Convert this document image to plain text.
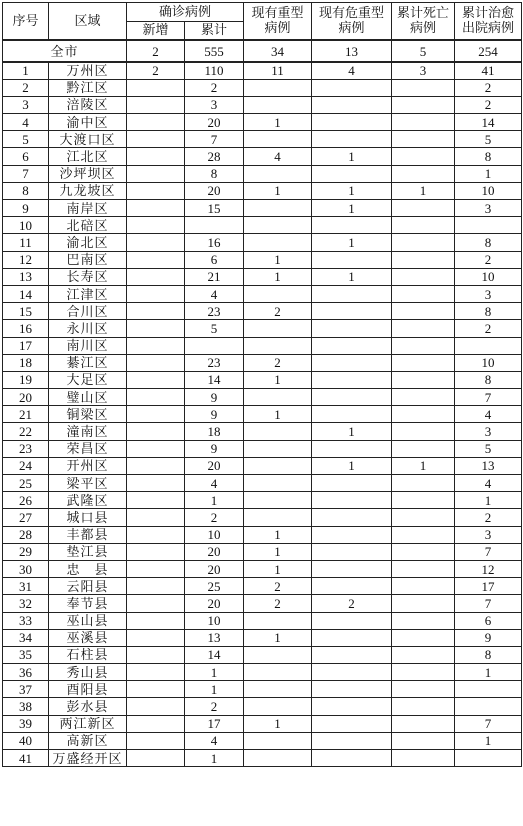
序号	区域	确诊病例		现有重型病例	现有危重型病例	累计死亡病例	累计治愈出院病例
		新增	累计				
全市		2	555	34	13	5	254
1	万州区	2	110	11	4	3	41
2	黔江区		2				2
3	涪陵区		3				2
4	渝中区		20	1			14
5	大渡口区		7				5
6	江北区		28	4	1		8
7	沙坪坝区		8				1
8	九龙坡区		20	1	1	1	10
9	南岸区		15		1		3
10	北碚区						
11	渝北区		16		1		8
12	巴南区		6	1			2
13	长寿区		21	1	1		10
14	江津区		4				3
15	合川区		23	2			8
16	永川区		5				2
17	南川区						
18	綦江区		23	2			10
19	大足区		14	1			8
20	璧山区		9				7
21	铜梁区		9	1			4
22	潼南区		18		1		3
23	荣昌区		9				5
24	开州区		20		1	1	13
25	梁平区		4				4
26	武隆区		1				1
27	城口县		2				2
28	丰都县		10	1			3
29	垫江县		20	1			7
30	忠　县		20	1			12
31	云阳县		25	2			17
32	奉节县		20	2	2		7
33	巫山县		10				6
34	巫溪县		13	1			9
35	石柱县		14				8
36	秀山县		1				1
37	酉阳县		1				
38	彭水县		2				
39	两江新区		17	1			7
40	高新区		4				1
41	万盛经开区		1				
